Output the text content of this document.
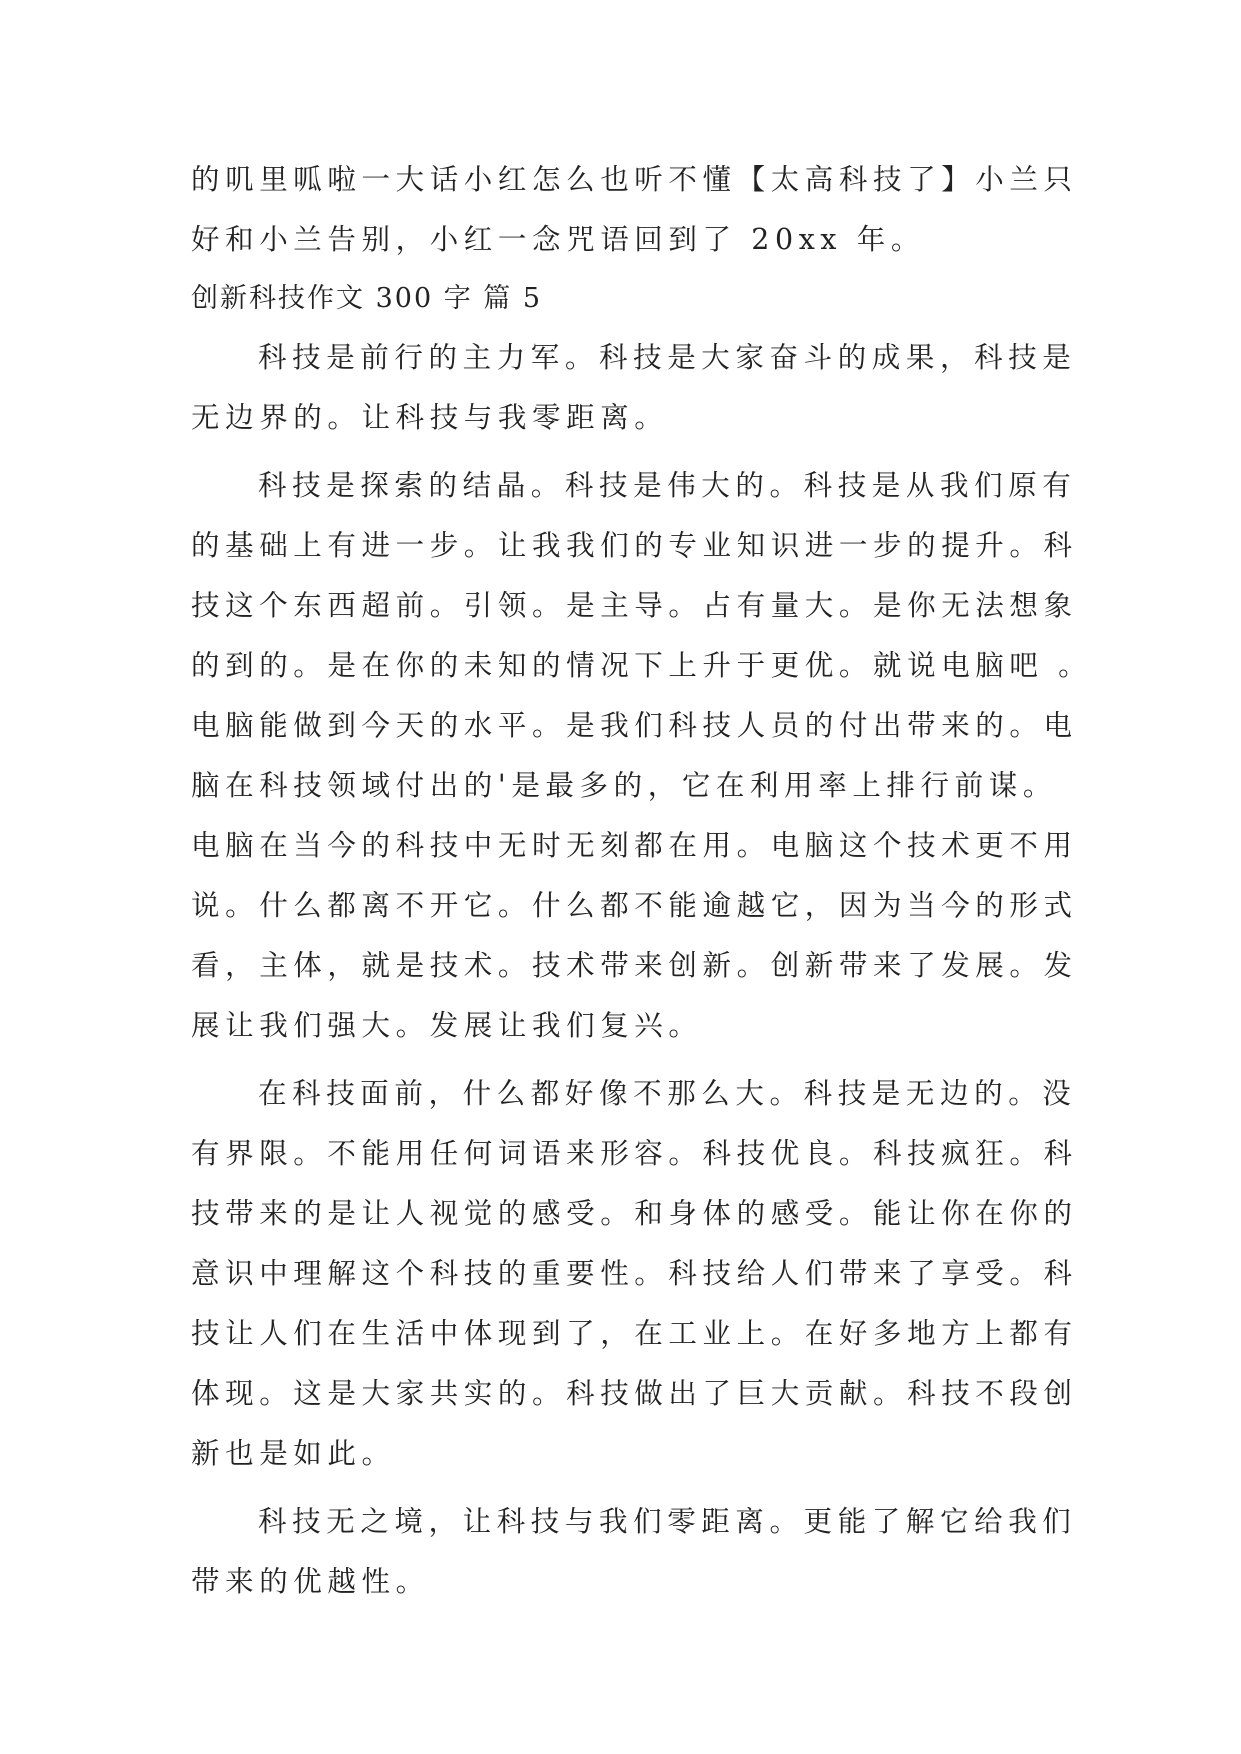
的叽里呱啦一大话小红怎么也听不懂【太高科技了】小兰只
好和小兰告别，小红一念咒语回到了 20xx 年。
创新科技作文 300 字 篇 5
科技是前行的主力军。科技是大家奋斗的成果，科技是
无边界的。让科技与我零距离。
科技是探索的结晶。科技是伟大的。科技是从我们原有
的基础上有进一步。让我我们的专业知识进一步的提升。科
技这个东西超前。引领。是主导。占有量大。是你无法想象
的到的。是在你的未知的情况下上升于更优。就说电脑吧 。
电脑能做到今天的水平。是我们科技人员的付出带来的。电
脑在科技领域付出的'是最多的，它在利用率上排行前谋。
电脑在当今的科技中无时无刻都在用。电脑这个技术更不用
说。什么都离不开它。什么都不能逾越它，因为当今的形式
看，主体，就是技术。技术带来创新。创新带来了发展。发
展让我们强大。发展让我们复兴。
在科技面前，什么都好像不那么大。科技是无边的。没
有界限。不能用任何词语来形容。科技优良。科技疯狂。科
技带来的是让人视觉的感受。和身体的感受。能让你在你的
意识中理解这个科技的重要性。科技给人们带来了享受。科
技让人们在生活中体现到了，在工业上。在好多地方上都有
体现。这是大家共实的。科技做出了巨大贡献。科技不段创
新也是如此。
科技无之境，让科技与我们零距离。更能了解它给我们
带来的优越性。
